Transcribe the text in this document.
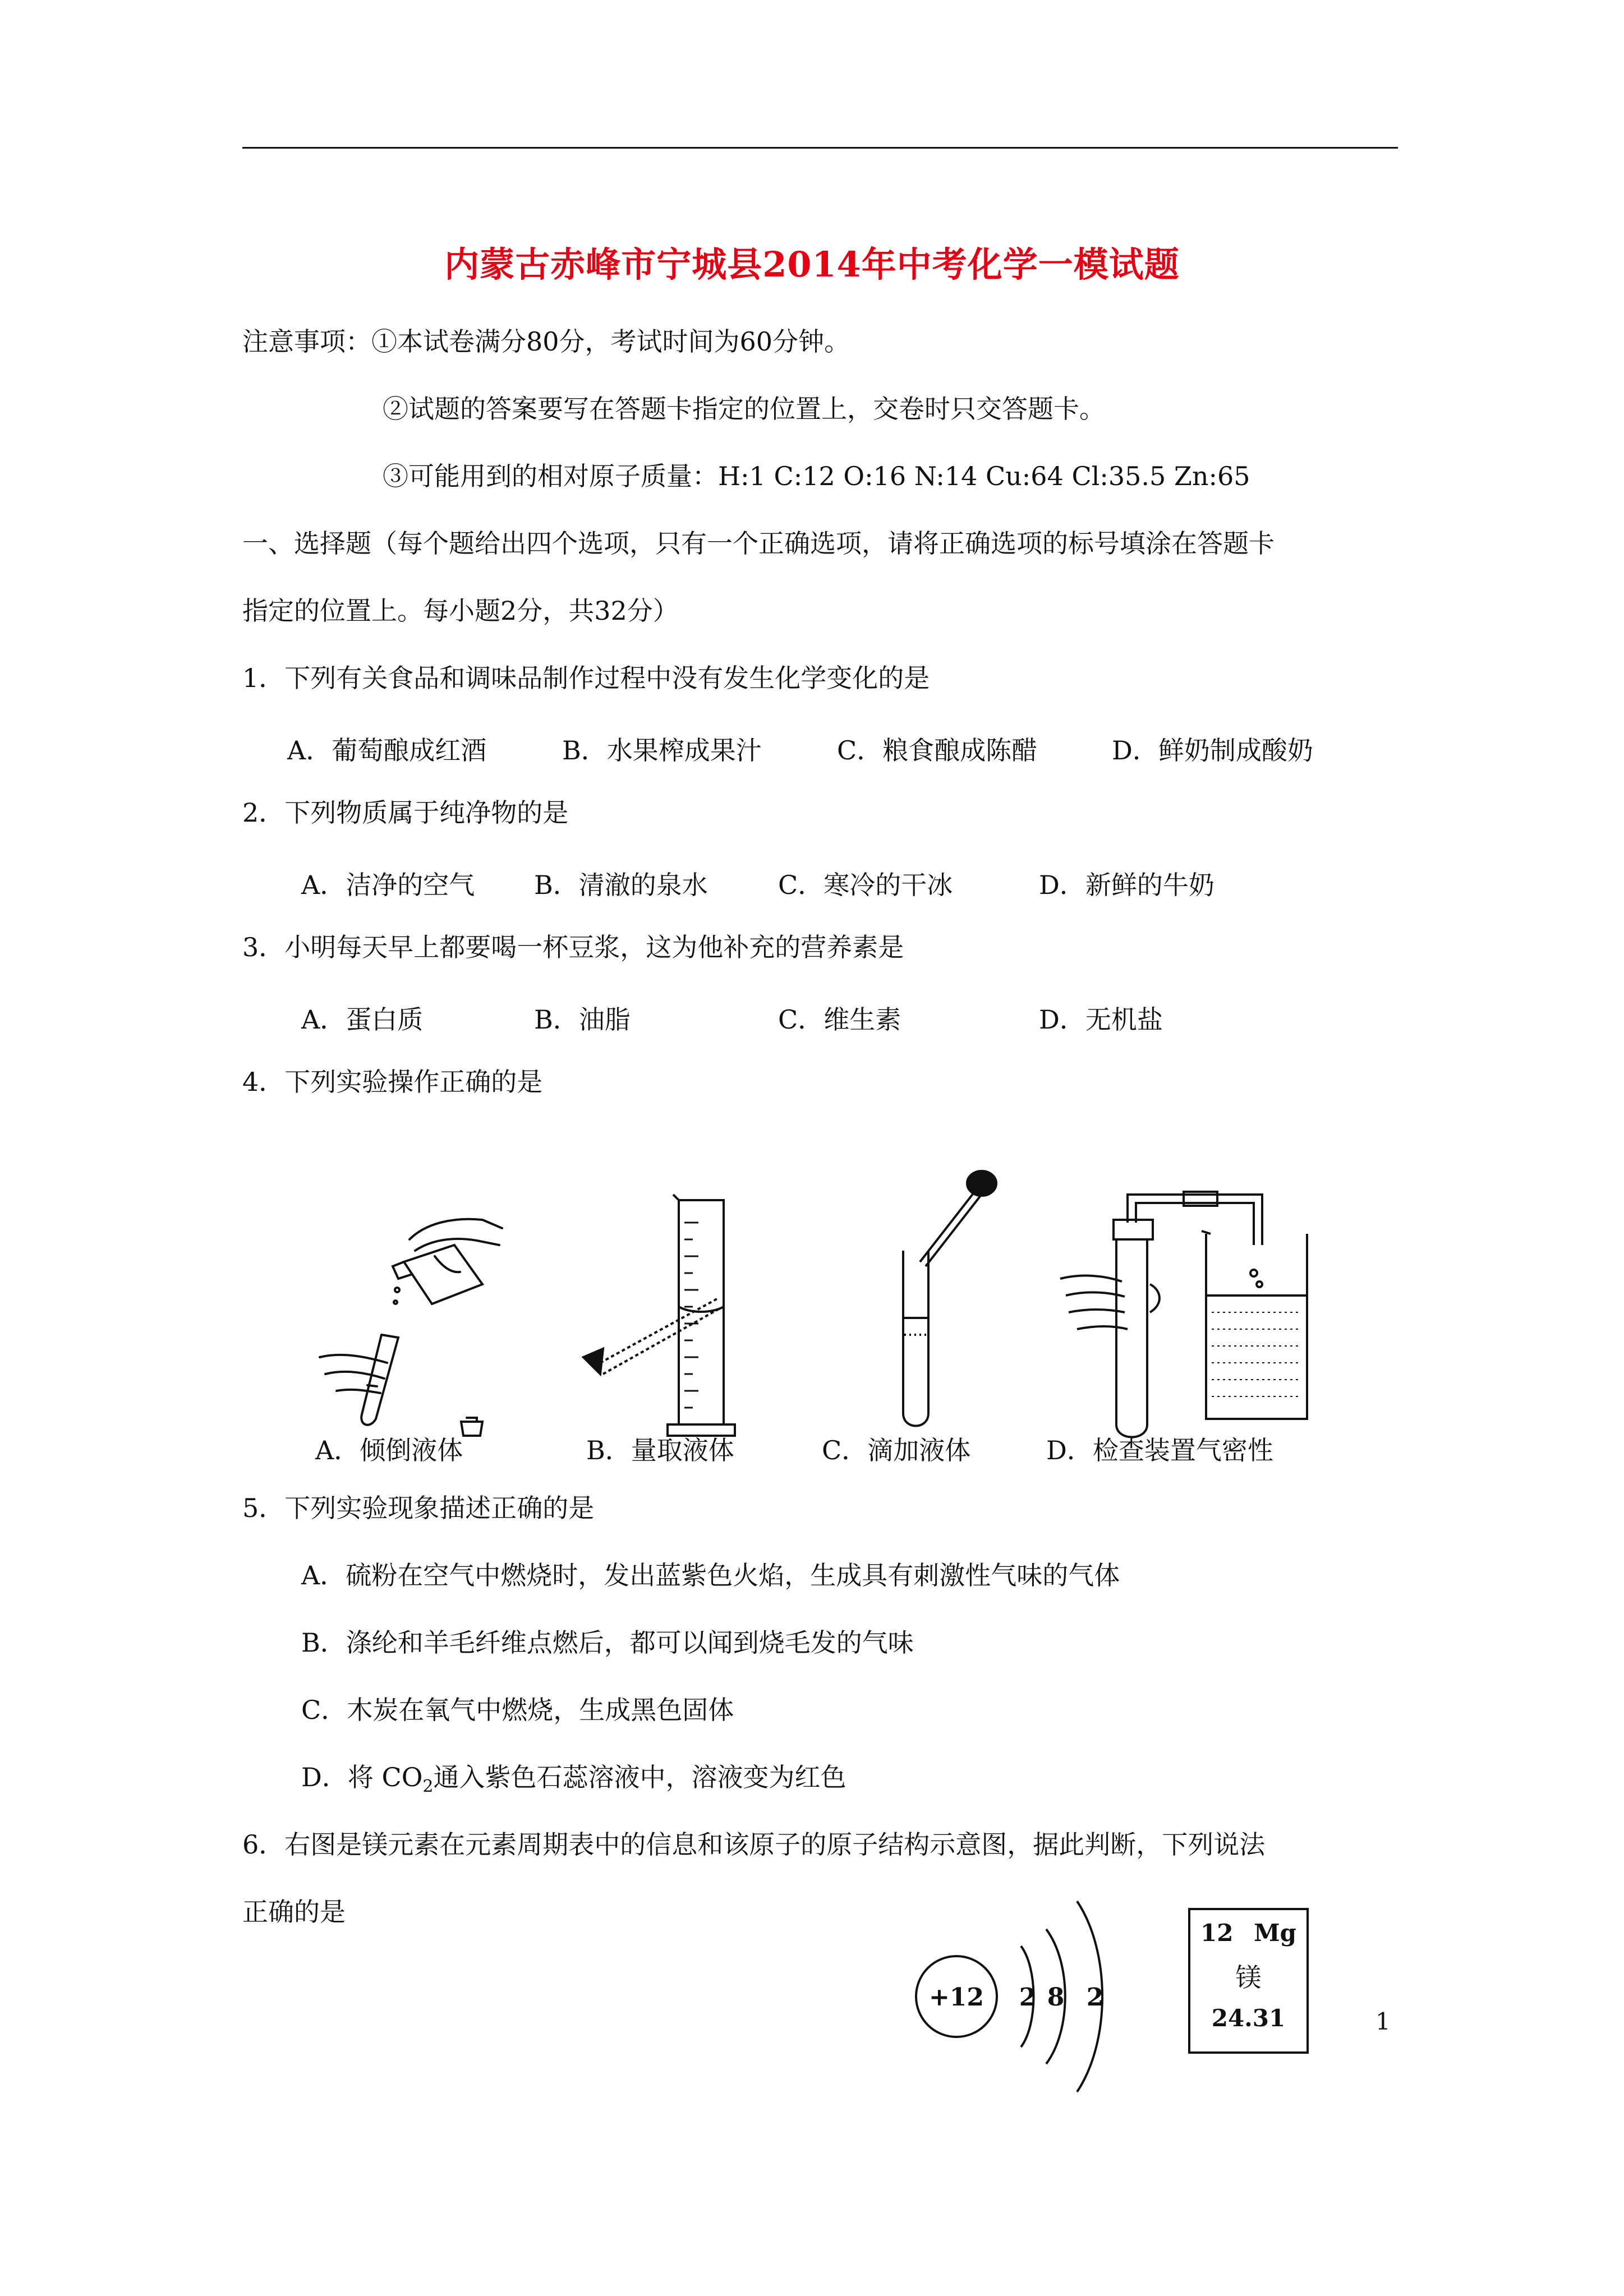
内蒙古赤峰市宁城县2014年中考化学一模试题
注意事项：①本试卷满分80分，考试时间为60分钟。
②试题的答案要写在答题卡指定的位置上，交卷时只交答题卡。
③可能用到的相对原子质量：H:1 C:12 O:16 N:14 Cu:64 Cl:35.5 Zn:65
一、选择题（每个题给出四个选项，只有一个正确选项，请将正确选项的标号填涂在答题卡
指定的位置上。每小题2分，共32分）
1．下列有关食品和调味品制作过程中没有发生化学变化的是
A．葡萄酿成红酒	B．水果榨成果汁	C．粮食酿成陈醋	D．鲜奶制成酸奶
2．下列物质属于纯净物的是
A．洁净的空气 B．清澈的泉水	C．寒冷的干冰	D．新鲜的牛奶
3．小明每天早上都要喝一杯豆浆，这为他补充的营养素是
A．蛋白质	B．油脂	C．维生素	D．无机盐
4．下列实验操作正确的是
A．倾倒液体	B．量取液体	C．滴加液体	D．检查装置气密性
5．下列实验现象描述正确的是
A．硫粉在空气中燃烧时，发出蓝紫色火焰，生成具有刺激性气味的气体
B．涤纶和羊毛纤维点燃后，都可以闻到烧毛发的气味
C．木炭在氧气中燃烧，生成黑色固体
D．将 $CO_2$通入紫色石蕊溶液中，溶液变为红色
6．右图是镁元素在元素周期表中的信息和该原子的原子结构示意图，据此判断，下列说法
正确的是
+12 2 8 2
12 Mg
镁
24.31	1
